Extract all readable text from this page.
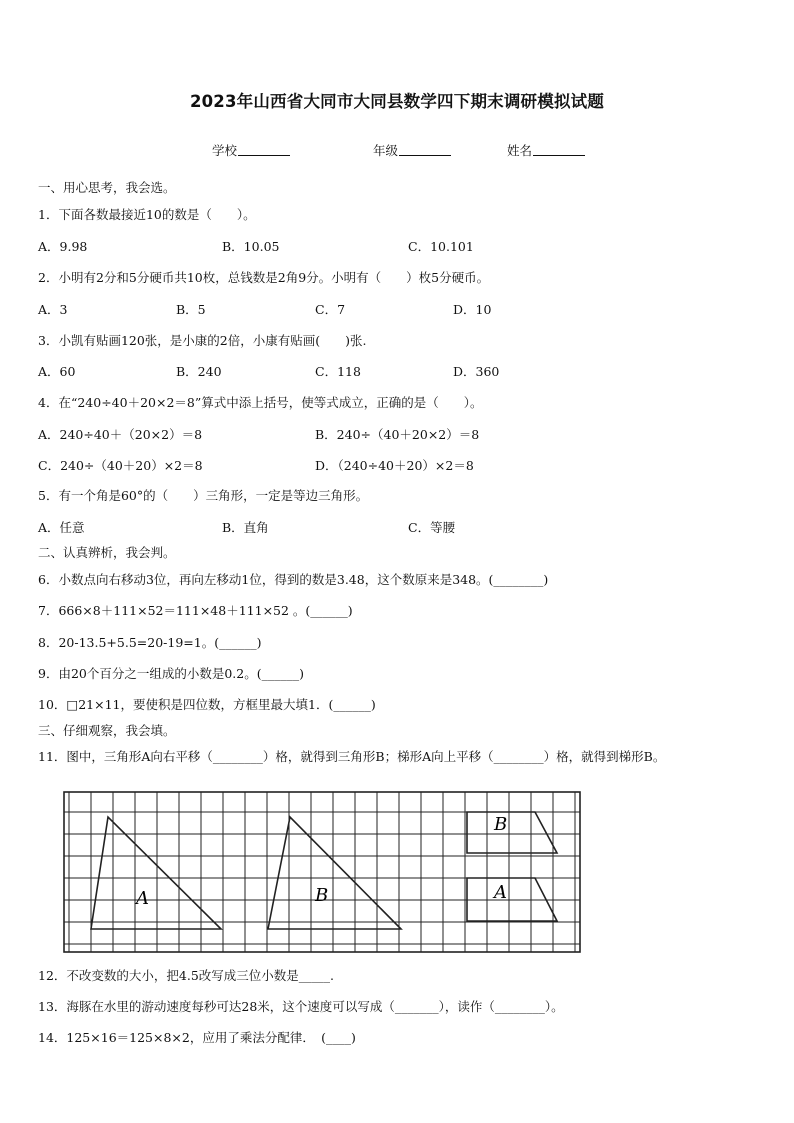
2023年山西省大同市大同县数学四下期末调研模拟试题
学校	年级	姓名
一、用心思考，我会选。
1．下面各数最接近10的数是（　　）。
A．9.98	B．10.05	C．10.101
2．小明有2分和5分硬币共10枚，总钱数是2角9分。小明有（　　）枚5分硬币。
A．3	B．5	C．7	D．10
3．小凯有贴画120张，是小康的2倍，小康有贴画(　　)张.
A．60	B．240	C．118	D．360
4．在“240÷40＋20×2＝8”算式中添上括号，使等式成立，正确的是（　　）。
A．240÷40＋（20×2）＝8	B．240÷（40＋20×2）＝8
C．240÷（40＋20）×2＝8	D．（240÷40＋20）×2＝8
5．有一个角是60°的（　　）三角形，一定是等边三角形。
A．任意	B．直角	C．等腰
二、认真辨析，我会判。
6．小数点向右移动3位，再向左移动1位，得到的数是3.48，这个数原来是348。(________)
7．666×8＋111×52＝111×48＋111×52 。(______)
8．20-13.5+5.5=20-19=1。(______)
9．由20个百分之一组成的小数是0.2。(______)
10．□21×11，要使积是四位数，方框里最大填1．(______)
三、仔细观察，我会填。
11．图中，三角形A向右平移（________）格，就得到三角形B；梯形A向上平移（________）格，就得到梯形B。
A	B
B
A
12．不改变数的大小，把4.5改写成三位小数是_____.
13．海豚在水里的游动速度每秒可达28米，这个速度可以写成（_______），读作（________）。
14．125×16＝125×8×2，应用了乘法分配律．　(____)
